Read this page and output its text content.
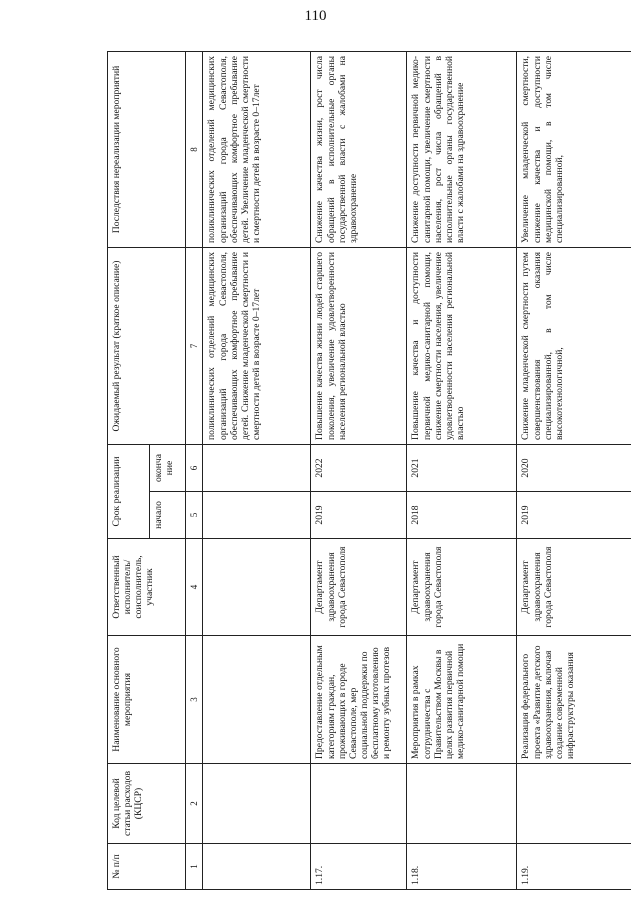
110
№ п/п	Код целевой статьи расходов (КЦСР)	Наименование основного мероприятия	Ответственный исполнитель/ соисполнитель, участник	Срок реализации		Ожидаемый результат (краткое описание)	Последствия нереализации мероприятий
				начало	оконча ние		
1	2	3	4	5	6	7	8
						поликлинических отделений медицинских организаций города Севастополя, обеспечивающих комфортное пребывание детей. Снижение младенческой смертности и смертности детей в возрасте 0–17лет	поликлинических отделений медицинских организаций города Севастополя, обеспечивающих комфортное пребывание детей. Увеличение младенческой смертности и смертности детей в возрасте 0–17лет
1.17.		Предоставление отдельным категориям граждан, проживающих в городе Севастополе, мер социальной поддержки по бесплатному изготовлению и ремонту зубных протезов	Департамент здравоохранения города Севастополя	2019	2022	Повышение качества жизни людей старшего поколения, увеличение удовлетворенности населения региональной властью	Снижение качества жизни, рост числа обращений в исполнительные органы государственной власти с жалобами на здравоохранение
1.18.		Мероприятия в рамках сотрудничества с Правительством Москвы в целях развития первичной медико-санитарной помощи	Департамент здравоохранения города Севастополя	2018	2021	Повышение качества и доступности первичной медико-санитарной помощи, снижение смертности населения, увеличение удовлетворенности населения региональной властью	Снижение доступности первичной медико-санитарной помощи, увеличение смертности населения, рост числа обращений в исполнительные органы государственной власти с жалобами на здравоохранение
1.19.		Реализация федерального проекта «Развитие детского здравоохранения, включая создание современной инфраструктуры оказания	Департамент здравоохранения города Севастополя	2019	2020	Снижение младенческой смертности путем совершенствования оказания специализированной, в том числе высокотехнологичной,	Увеличение младенческой смертности, снижение качества и доступности медицинской помощи, в том числе специализированной,
